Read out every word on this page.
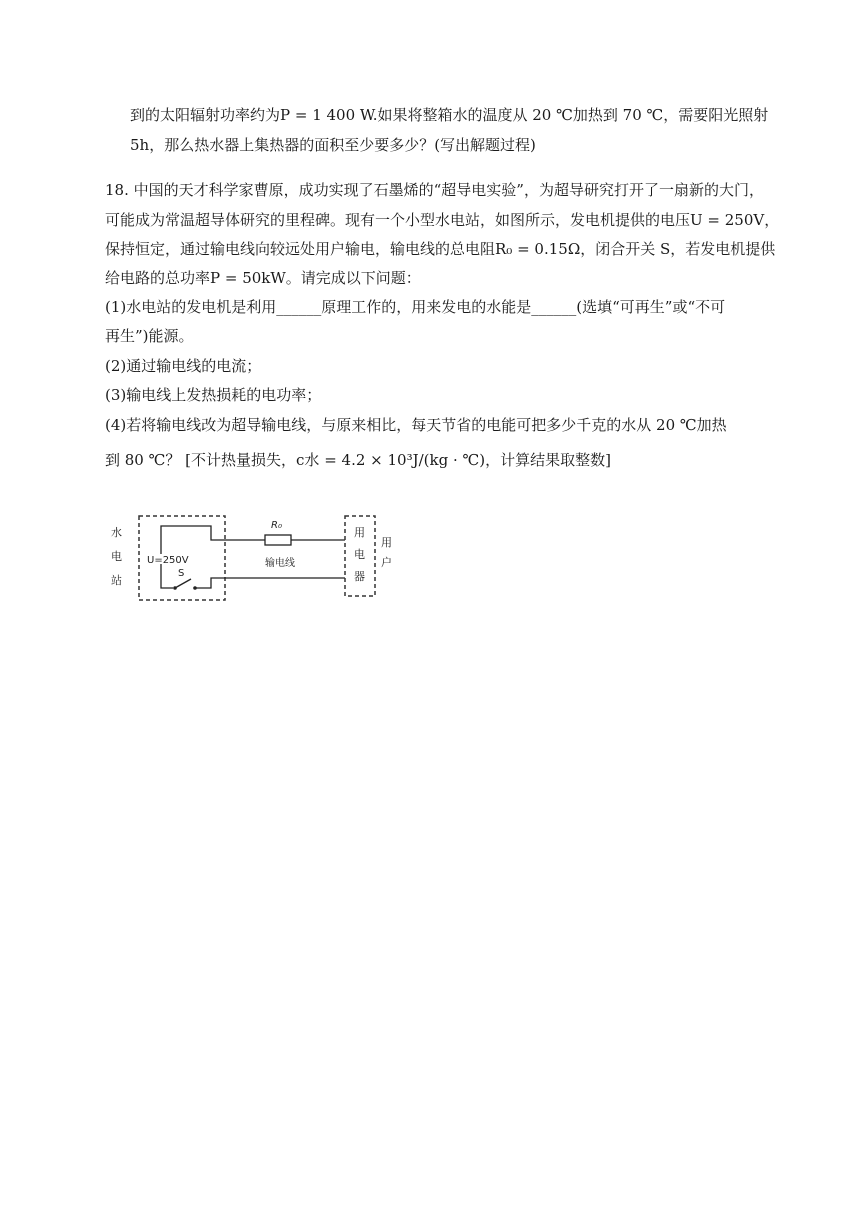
到的太阳辐射功率约为P = 1 400 W.如果将整箱水的温度从 20 ℃加热到 70 ℃，需要阳光照射
5h，那么热水器上集热器的面积至少要多少？(写出解题过程)
18. 中国的天才科学家曹原，成功实现了石墨烯的“超导电实验”，为超导研究打开了一扇新的大门，
可能成为常温超导体研究的里程碑。现有一个小型水电站，如图所示，发电机提供的电压U = 250V，
保持恒定，通过输电线向较远处用户输电，输电线的总电阻R₀ = 0.15Ω，闭合开关 S，若发电机提供
给电路的总功率P = 50kW。请完成以下问题：
(1)水电站的发电机是利用______原理工作的，用来发电的水能是______(选填“可再生”或“不可
再生”)能源。
(2)通过输电线的电流；
(3)输电线上发热损耗的电功率；
(4)若将输电线改为超导输电线，与原来相比，每天节省的电能可把多少千克的水从 20 ℃加热
到 80 ℃？ [不计热量损失，c水 = 4.2 × 10³J/(kg · ℃)，计算结果取整数]
水
电
站
U=250V
S
R₀
输电线
用
电
器
用
户
